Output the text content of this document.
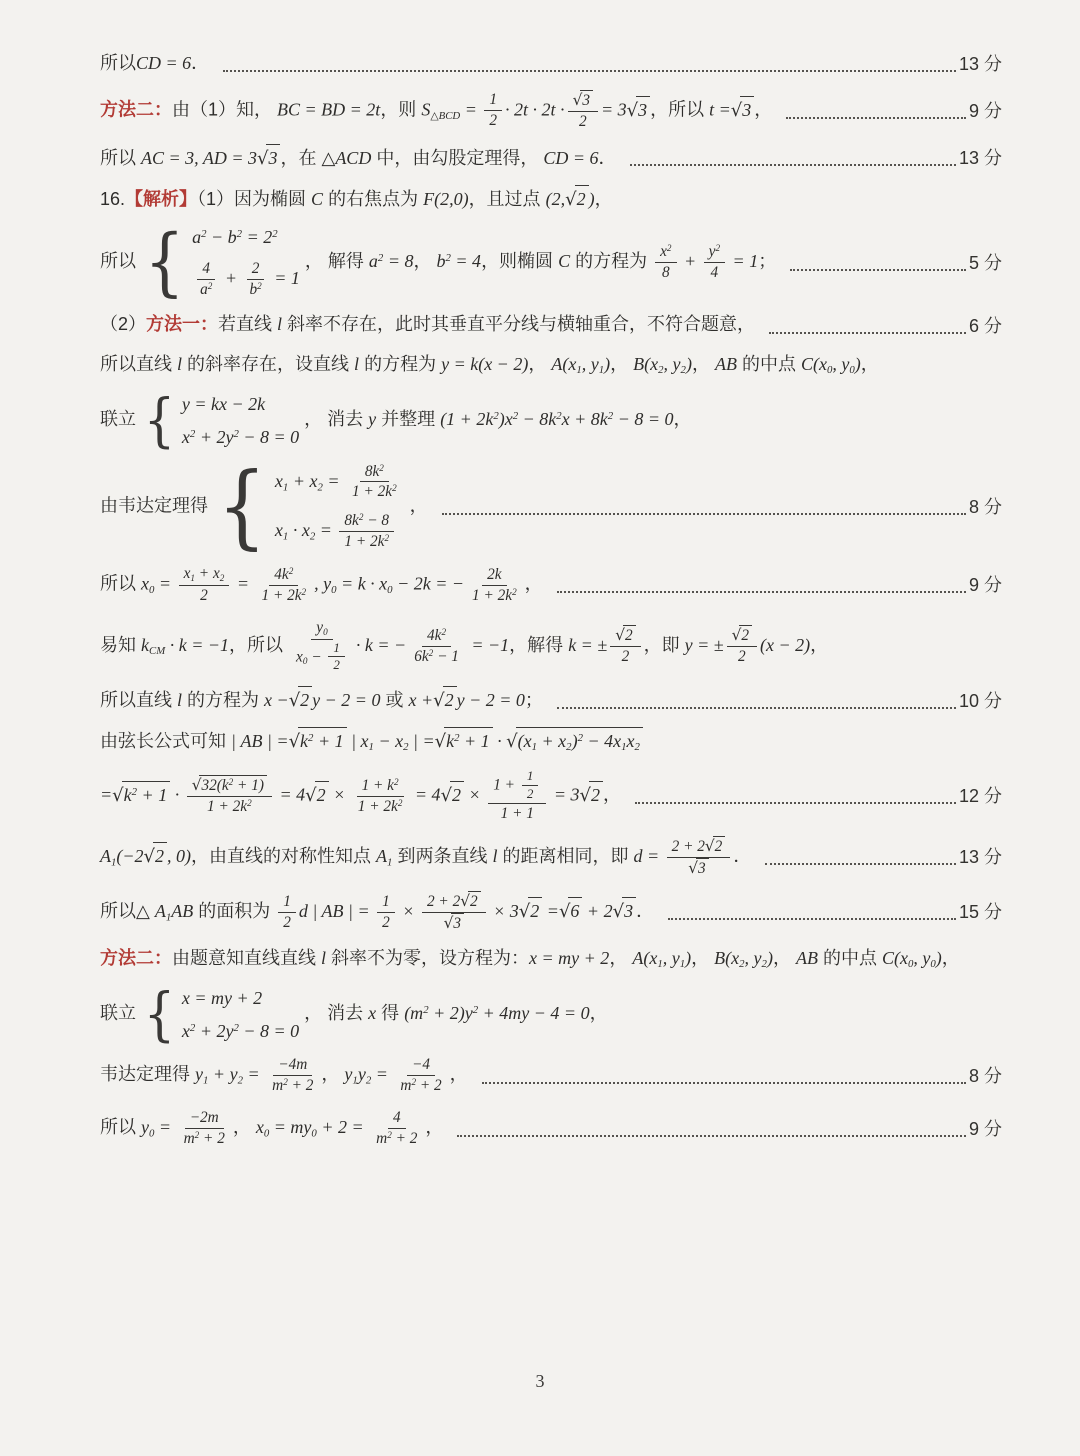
所以CD = 6．	13 分
方法二：由（1）知， BC = BD = 2t，则 S△BCD = $\frac{1}{2} \cdot 2t \cdot 2t \cdot \frac{√3}{2} = 3√3$ ，所以 t =√3 ，	9 分
所以 AC = 3, AD = 3√3 ，在 △ACD 中，由勾股定理得， CD = 6．	13 分
16.【解析】（1）因为椭圆 C 的右焦点为 F(2,0)，且过点 (2,√2 )，
所以 { $a^2 - b^2 = 2^2$
$\frac{4}{a^2} + \frac{2}{b^2} = 1$
， 解得 $a^2 = 8$， $b^2 = 4$，则椭圆 C 的方程为 $\frac{x^2}{8} + \frac{y^2}{4} = 1$；	5 分
（2）方法一：若直线 l 斜率不存在，此时其垂直平分线与横轴重合，不符合题意，	6 分
所以直线 l 的斜率存在，设直线 l 的方程为 y = k(x − 2)， A(x1, y1)， B(x2, y2)， AB 的中点 C(x0, y0)，
联立 { y = kx − 2k
$x^2 + 2y^2 - 8 = 0$
， 消去 y 并整理 $(1 + 2k^2)x^2 - 8k^2x + 8k^2 - 8 = 0$，
由韦达定理得 { $x1 + x2 = \frac{8k^2}{1 + 2k^2}$
$x1 \cdot x2 = \frac{8k^2 - 8}{1 + 2k^2}$
，	8 分
所以 $x0 = \frac{x1 + x2}{2} = \frac{4k^2}{1 + 2k^2}$ , y0 = k · x0 − 2k = − $\frac{2k}{1 + 2k^2}$ ，	9 分
易知 kCM · k = −1，所以 $\frac{y0}{x0 - \frac{1}{2}} \cdot k$ = − $\frac{4k^2}{6k^2 - 1} = -1$，解得 k = ± $\frac{√2}{2}$ ，即 y = ± $\frac{√2}{2} (x - 2)$，
所以直线 l 的方程为 x −√2 y − 2 = 0 或 x +√2 y − 2 = 0；	10 分
由弦长公式可知 | AB | $=√k^2 + 1$ | x1 − x2 | $=√k^2 + 1 \cdot √(x1 + x2)^2 - 4x1x2$
$=√k^2 + 1 \cdot \frac{√32(k^2 + 1)}{1 + 2k^2} = 4√2 \times \frac{1 + k^2}{1 + 2k^2} = 4√2 \times \frac{1 + \frac{1}{2}}{1 + 1} = 3√2$ ，	12 分
A1(−2√2 , 0)，由直线的对称性知点 A1 到两条直线 l 的距离相同，即 $d = \frac{2 + 2√2}{√3}$ ．	13 分
所以△ A1AB 的面积为 $\frac{1}{2}$ d | AB | = $\frac{1}{2} \times \frac{2 + 2√2}{√3} \times 3√2 =√6 + 2√3$ ．	15 分
方法二：由题意知直线直线 l 斜率不为零，设方程为：x = my + 2， A(x1, y1)， B(x2, y2)， AB 的中点 C(x0, y0)，
联立 { x = my + 2
$x^2 + 2y^2 - 8 = 0$
， 消去 x 得 $(m^2 + 2)y^2 + 4my - 4 = 0$，
韦达定理得 $y1 + y2 = \frac{-4m}{m^2 + 2}$ ， $y1y2 = \frac{-4}{m^2 + 2}$ ，	8 分
所以 $y0 = \frac{-2m}{m^2 + 2}$ ， $x0 = my0 + 2 = \frac{4}{m^2 + 2}$ ，	9 分
3
